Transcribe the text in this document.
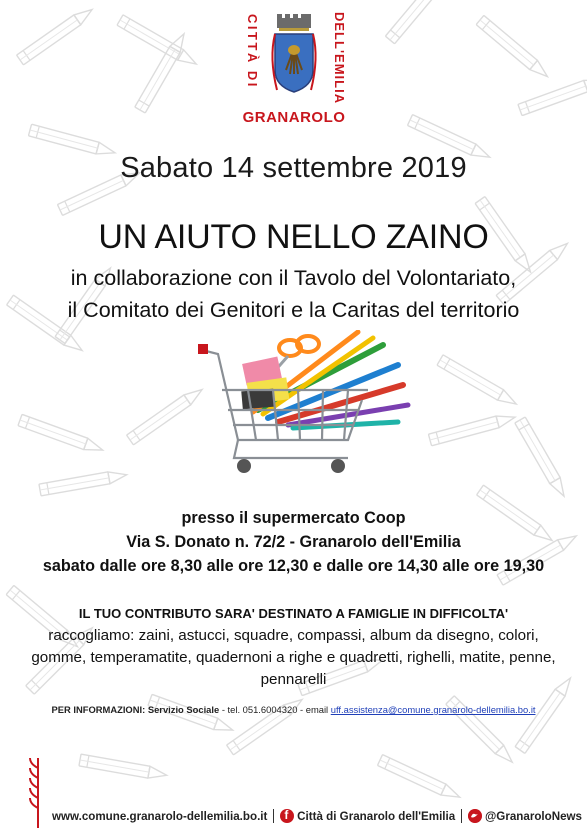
CITTÀ DI	DELL'EMILIA
GRANAROLO
Sabato 14 settembre 2019
UN AIUTO NELLO ZAINO
in collaborazione con il Tavolo del Volontariato,
il Comitato dei Genitori e la Caritas del territorio
presso il supermercato Coop
Via S. Donato n. 72/2 - Granarolo dell'Emilia
sabato dalle ore 8,30 alle ore 12,30 e dalle ore 14,30 alle ore 19,30
IL TUO CONTRIBUTO SARA' DESTINATO A FAMIGLIE IN DIFFICOLTA'
raccogliamo: zaini, astucci, squadre, compassi, album da disegno, colori, gomme, temperamatite, quadernoni a righe e quadretti, righelli, matite, penne, pennarelli
PER INFORMAZIONI: Servizio Sociale - tel. 051.6004320 - email uff.assistenza@comune.granarolo-dellemilia.bo.it
www.comune.granarolo-dellemilia.bo.it
f	Città di Granarolo dell'Emilia	@GranaroloNews
